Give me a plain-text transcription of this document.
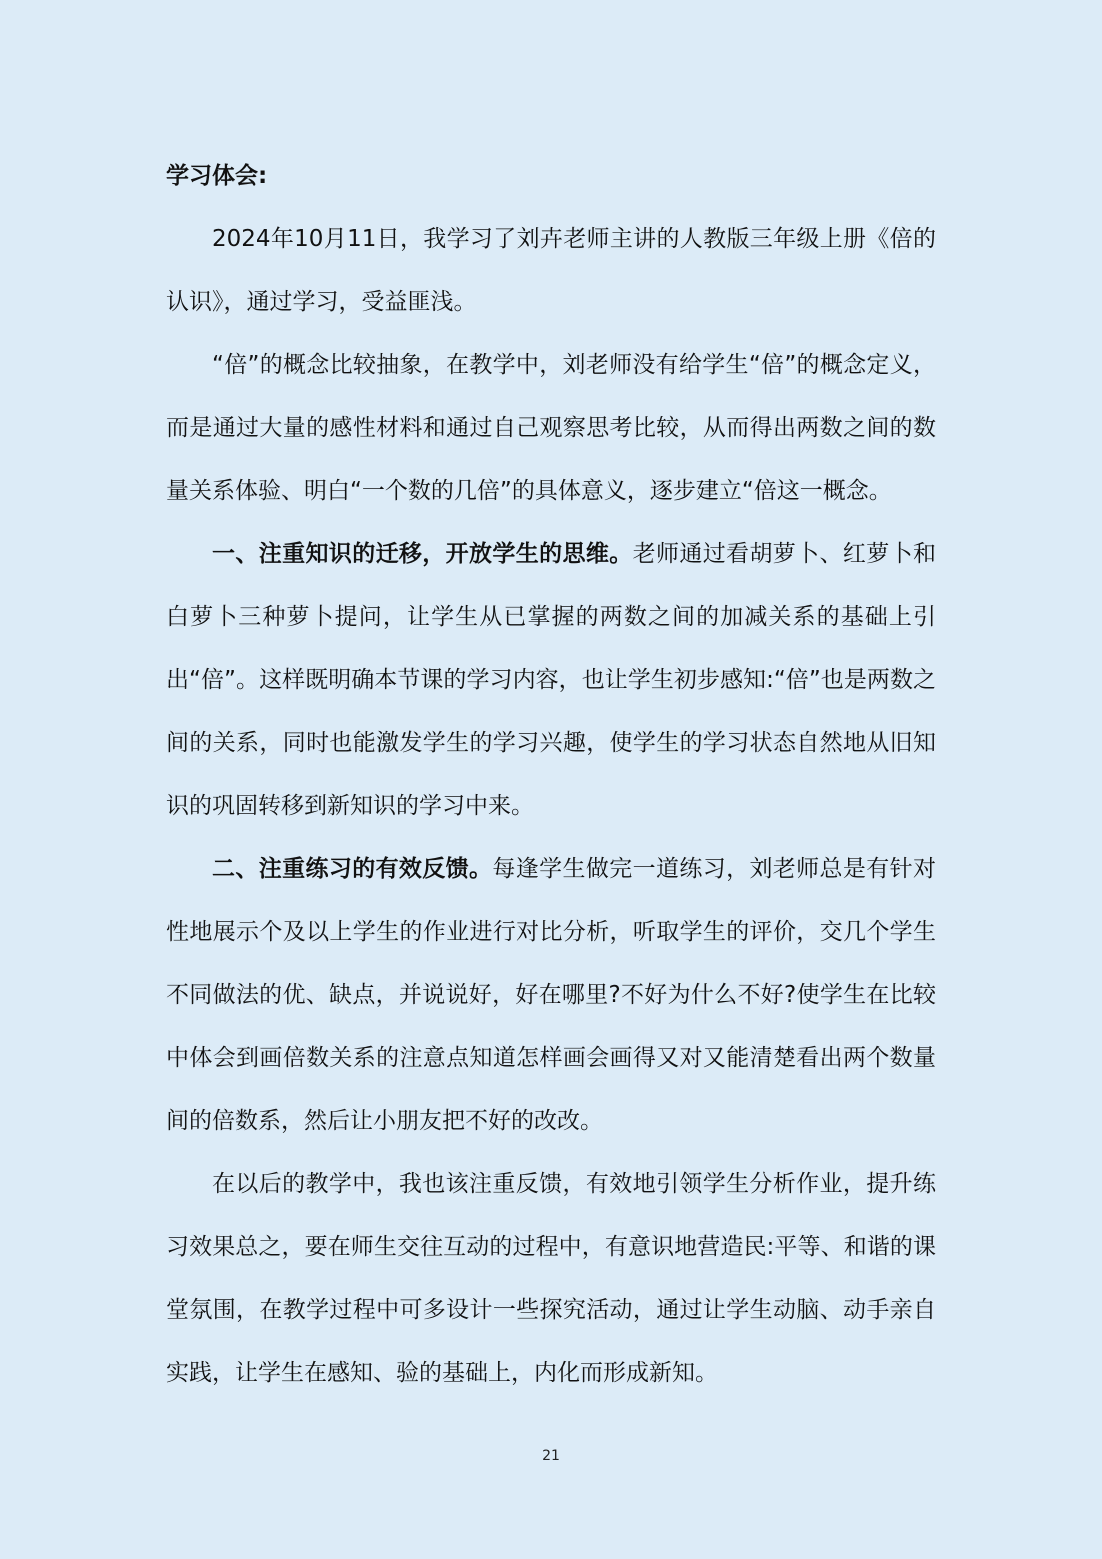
学习体会:

2024年10月11日，我学习了刘卉老师主讲的人教版三年级上册《倍的认识》，通过学习，受益匪浅。

“倍”的概念比较抽象，在教学中，刘老师没有给学生“倍”的概念定义，而是通过大量的感性材料和通过自己观察思考比较，从而得出两数之间的数量关系体验、明白“一个数的几倍”的具体意义，逐步建立“倍这一概念。

一、注重知识的迁移，开放学生的思维。老师通过看胡萝卜、红萝卜和白萝卜三种萝卜提问，让学生从已掌握的两数之间的加减关系的基础上引出“倍”。这样既明确本节课的学习内容，也让学生初步感知:“倍”也是两数之间的关系，同时也能激发学生的学习兴趣，使学生的学习状态自然地从旧知识的巩固转移到新知识的学习中来。

二、注重练习的有效反馈。每逢学生做完一道练习，刘老师总是有针对性地展示个及以上学生的作业进行对比分析，听取学生的评价，交几个学生不同做法的优、缺点，并说说好，好在哪里?不好为什么不好?使学生在比较中体会到画倍数关系的注意点知道怎样画会画得又对又能清楚看出两个数量间的倍数系，然后让小朋友把不好的改改。

在以后的教学中，我也该注重反馈，有效地引领学生分析作业，提升练习效果总之，要在师生交往互动的过程中，有意识地营造民:平等、和谐的课堂氛围，在教学过程中可多设计一些探究活动，通过让学生动脑、动手亲自实践，让学生在感知、验的基础上，内化而形成新知。

21
